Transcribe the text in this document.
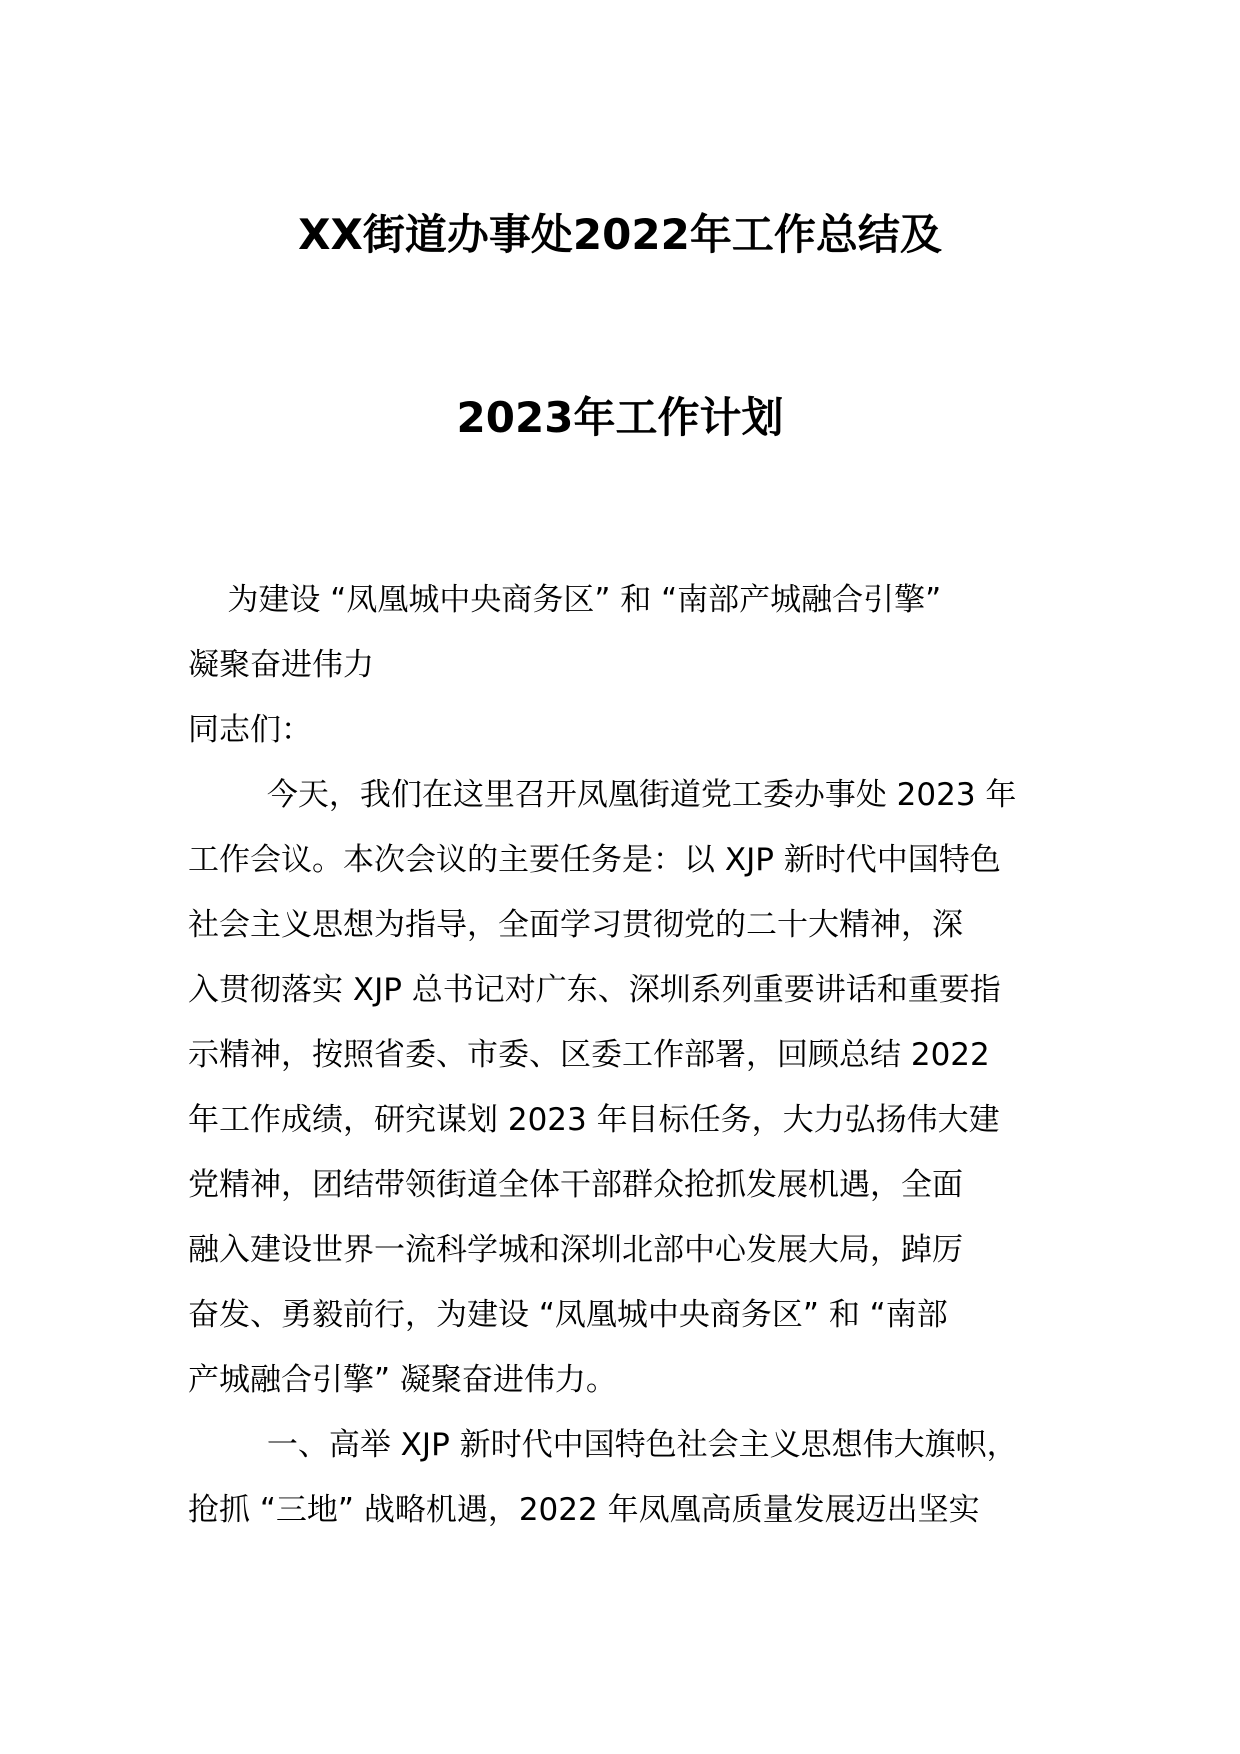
XX街道办事处2022年工作总结及
2023年工作计划
为建设 “凤凰城中央商务区” 和 “南部产城融合引擎”
凝聚奋进伟力
同志们：
今天，我们在这里召开凤凰街道党工委办事处 2023 年
工作会议。本次会议的主要任务是：以 XJP 新时代中国特色
社会主义思想为指导，全面学习贯彻党的二十大精神，深
入贯彻落实 XJP 总书记对广东、深圳系列重要讲话和重要指
示精神，按照省委、市委、区委工作部署，回顾总结 2022
年工作成绩，研究谋划 2023 年目标任务，大力弘扬伟大建
党精神，团结带领街道全体干部群众抢抓发展机遇，全面
融入建设世界一流科学城和深圳北部中心发展大局，踔厉
奋发、勇毅前行，为建设 “凤凰城中央商务区” 和 “南部
产城融合引擎” 凝聚奋进伟力。
一、高举 XJP 新时代中国特色社会主义思想伟大旗帜，
抢抓 “三地” 战略机遇，2022 年凤凰高质量发展迈出坚实
